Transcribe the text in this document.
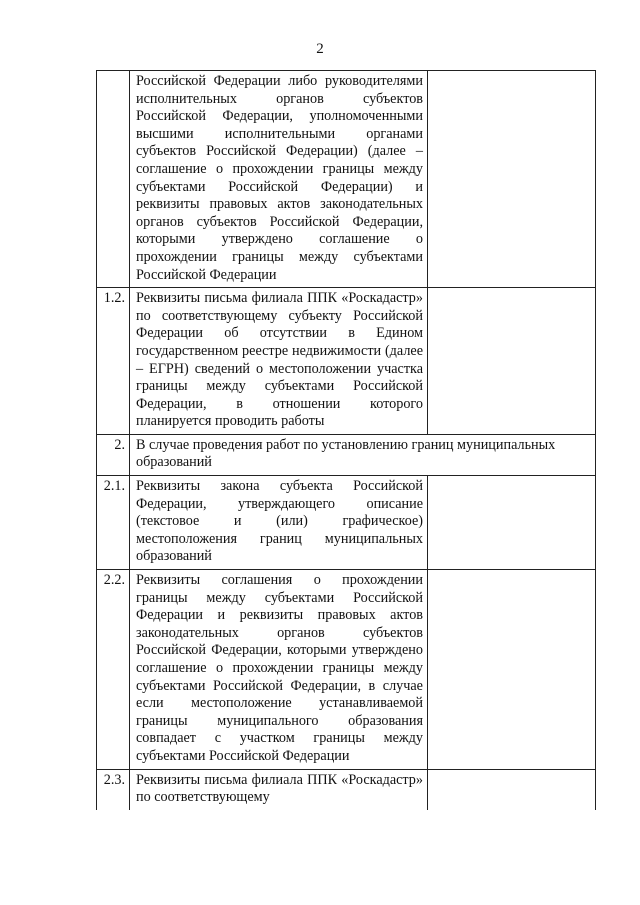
2
	Российской Федерации либо руководителями исполнительных органов субъектов Российской Федерации, уполномоченными высшими исполнительными органами субъектов Российской Федерации) (далее – соглашение о прохождении границы между субъектами Российской Федерации) и реквизиты правовых актов законодательных органов субъектов Российской Федерации, которыми утверждено соглашение о прохождении границы между субъектами Российской Федерации	
1.2.	Реквизиты письма филиала ППК «Роскадастр» по соответствующему субъекту Российской Федерации об отсутствии в Едином государственном реестре недвижимости (далее – ЕГРН) сведений о местоположении участка границы между субъектами Российской Федерации, в отношении которого планируется проводить работы	
2.	В случае проведения работ по установлению границ муниципальных образований	
2.1.	Реквизиты закона субъекта Российской Федерации, утверждающего описание (текстовое и (или) графическое) местоположения границ муниципальных образований	
2.2.	Реквизиты соглашения о прохождении границы между субъектами Российской Федерации и реквизиты правовых актов законодательных органов субъектов Российской Федерации, которыми утверждено соглашение о прохождении границы между субъектами Российской Федерации, в случае если местоположение устанавливаемой границы муниципального образования совпадает с участком границы между субъектами Российской Федерации	
2.3.	Реквизиты письма филиала ППК «Роскадастр» по соответствующему	
